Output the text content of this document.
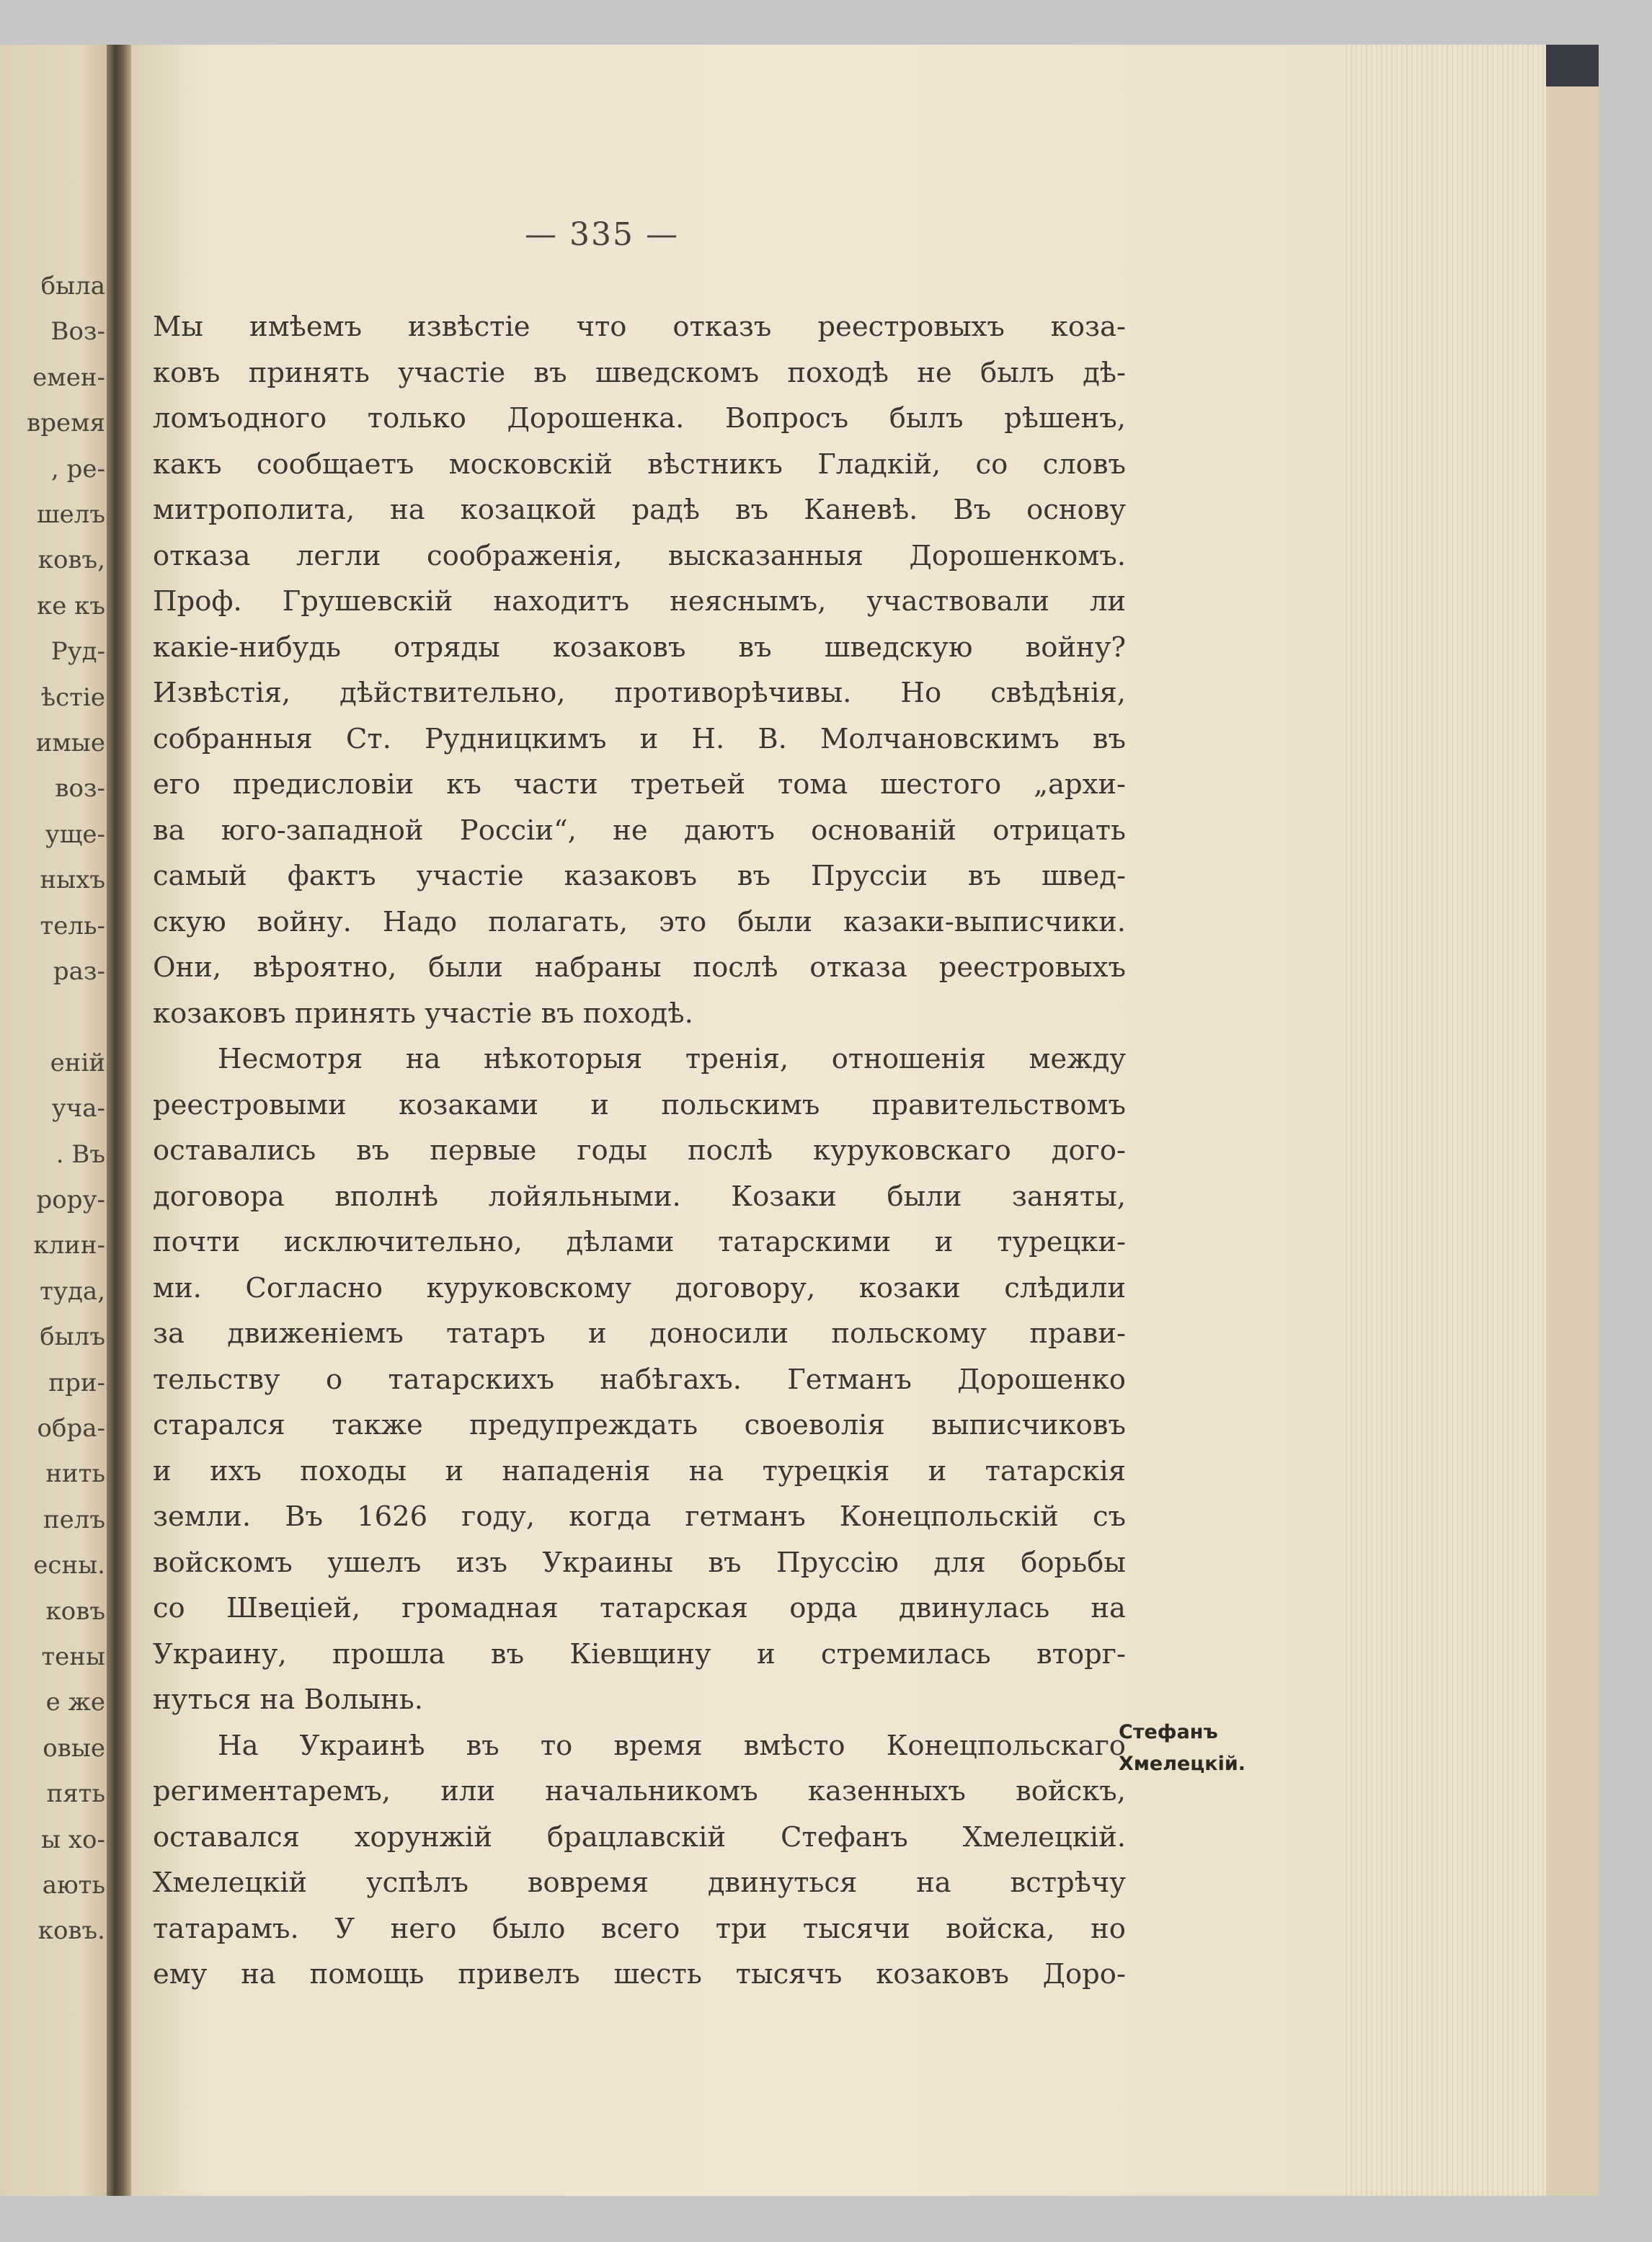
была
Воз-
емен-
время
, ре-
шелъ
ковъ,
ке къ
Руд-
ѣстіе
имые
воз-
уще-
ныхъ
тель-
раз-
еній
уча-
. Въ
рору-
клин-
туда,
былъ
при-
обра-
нить
пелъ
есны.
ковъ
тены
е же
овые
пять
ы хо-
ають
ковъ.
— 335 —
Мы имѣемъ извѣстіе что отказъ реестровыхъ коза-
ковъ принять участіе въ шведскомъ походѣ не былъ дѣ-
ломъодного только Дорошенка. Вопросъ былъ рѣшенъ,
какъ сообщаетъ московскій вѣстникъ Гладкій, со словъ
митрополита, на козацкой радѣ въ Каневѣ. Въ основу
отказа легли соображенія, высказанныя Дорошенкомъ.
Проф. Грушевскій находитъ неяснымъ, участвовали ли
какіе-нибудь отряды козаковъ въ шведскую войну?
Извѣстія, дѣйствительно, противорѣчивы. Но свѣдѣнія,
собранныя Ст. Рудницкимъ и Н. В. Молчановскимъ въ
его предисловіи къ части третьей тома шестого „архи-
ва юго-западной Россіи“, не даютъ основаній отрицать
самый фактъ участіе казаковъ въ Пруссіи въ швед-
скую войну. Надо полагать, это были казаки-выписчики.
Они, вѣроятно, были набраны послѣ отказа реестровыхъ
козаковъ принять участіе въ походѣ.
Несмотря на нѣкоторыя тренія, отношенія между
реестровыми козаками и польскимъ правительствомъ
оставались въ первые годы послѣ куруковскаго дого-
договора вполнѣ лойяльными. Козаки были заняты,
почти исключительно, дѣлами татарскими и турецки-
ми. Согласно куруковскому договору, козаки слѣдили
за движеніемъ татаръ и доносили польскому прави-
тельству о татарскихъ набѣгахъ. Гетманъ Дорошенко
старался также предупреждать своеволія выписчиковъ
и ихъ походы и нападенія на турецкія и татарскія
земли. Въ 1626 году, когда гетманъ Конецпольскій съ
войскомъ ушелъ изъ Украины въ Пруссію для борьбы
со Швеціей, громадная татарская орда двинулась на
Украину, прошла въ Кіевщину и стремилась вторг-
нуться на Волынь.
На Украинѣ въ то время вмѣсто Конецпольскаго
региментаремъ, или начальникомъ казенныхъ войскъ,
оставался хорунжій брацлавскій Стефанъ Хмелецкій.
Хмелецкій успѣлъ вовремя двинуться на встрѣчу
татарамъ. У него было всего три тысячи войска, но
ему на помощь привелъ шесть тысячъ козаковъ Доро-
Стефанъ
Хмелецкій.
